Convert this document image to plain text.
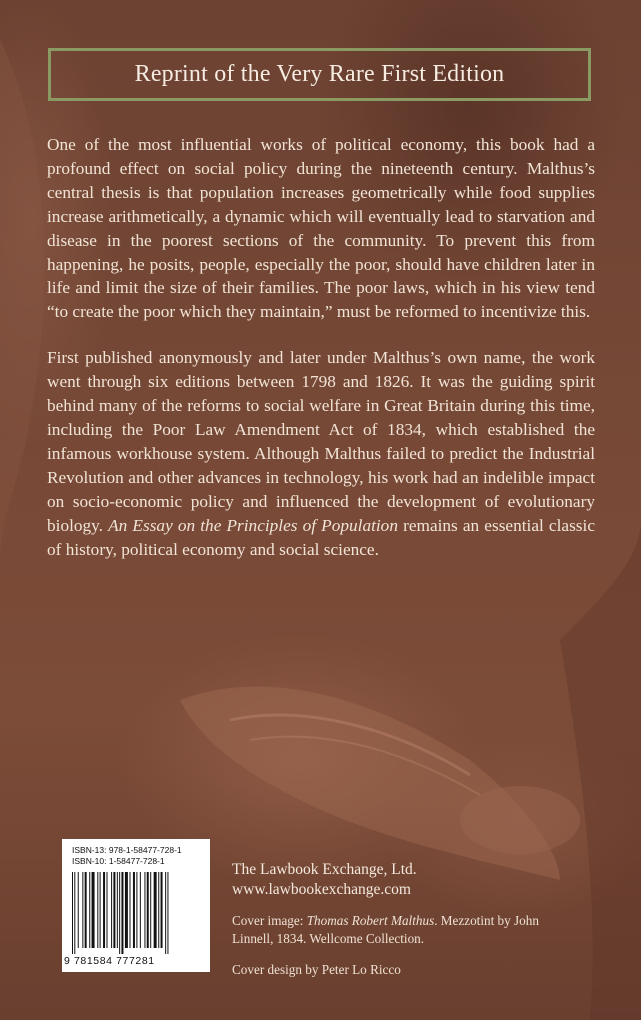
Reprint of the Very Rare First Edition

One of the most influential works of political economy, this book had a profound effect on social policy during the nineteenth century. Malthus’s central thesis is that population increases geometrically while food supplies increase arithmetically, a dynamic which will eventually lead to starvation and disease in the poorest sections of the community. To prevent this from happening, he posits, people, especially the poor, should have children later in life and limit the size of their families. The poor laws, which in his view tend “to create the poor which they maintain,” must be reformed to incentivize this.

First published anonymously and later under Malthus’s own name, the work went through six editions between 1798 and 1826. It was the guiding spirit behind many of the reforms to social welfare in Great Britain during this time, including the Poor Law Amendment Act of 1834, which established the infamous workhouse system. Although Malthus failed to predict the Industrial Revolution and other advances in technology, his work had an indelible impact on socio-economic policy and influenced the development of evolutionary biology. An Essay on the Principles of Population remains an essential classic of history, political economy and social science.

ISBN-13: 978-1-58477-728-1
ISBN-10: 1-58477-728-1
9 781584 777281
The Lawbook Exchange, Ltd.
www.lawbookexchange.com
Cover image: Thomas Robert Malthus. Mezzotint by John Linnell, 1834. Wellcome Collection.
Cover design by Peter Lo Ricco
